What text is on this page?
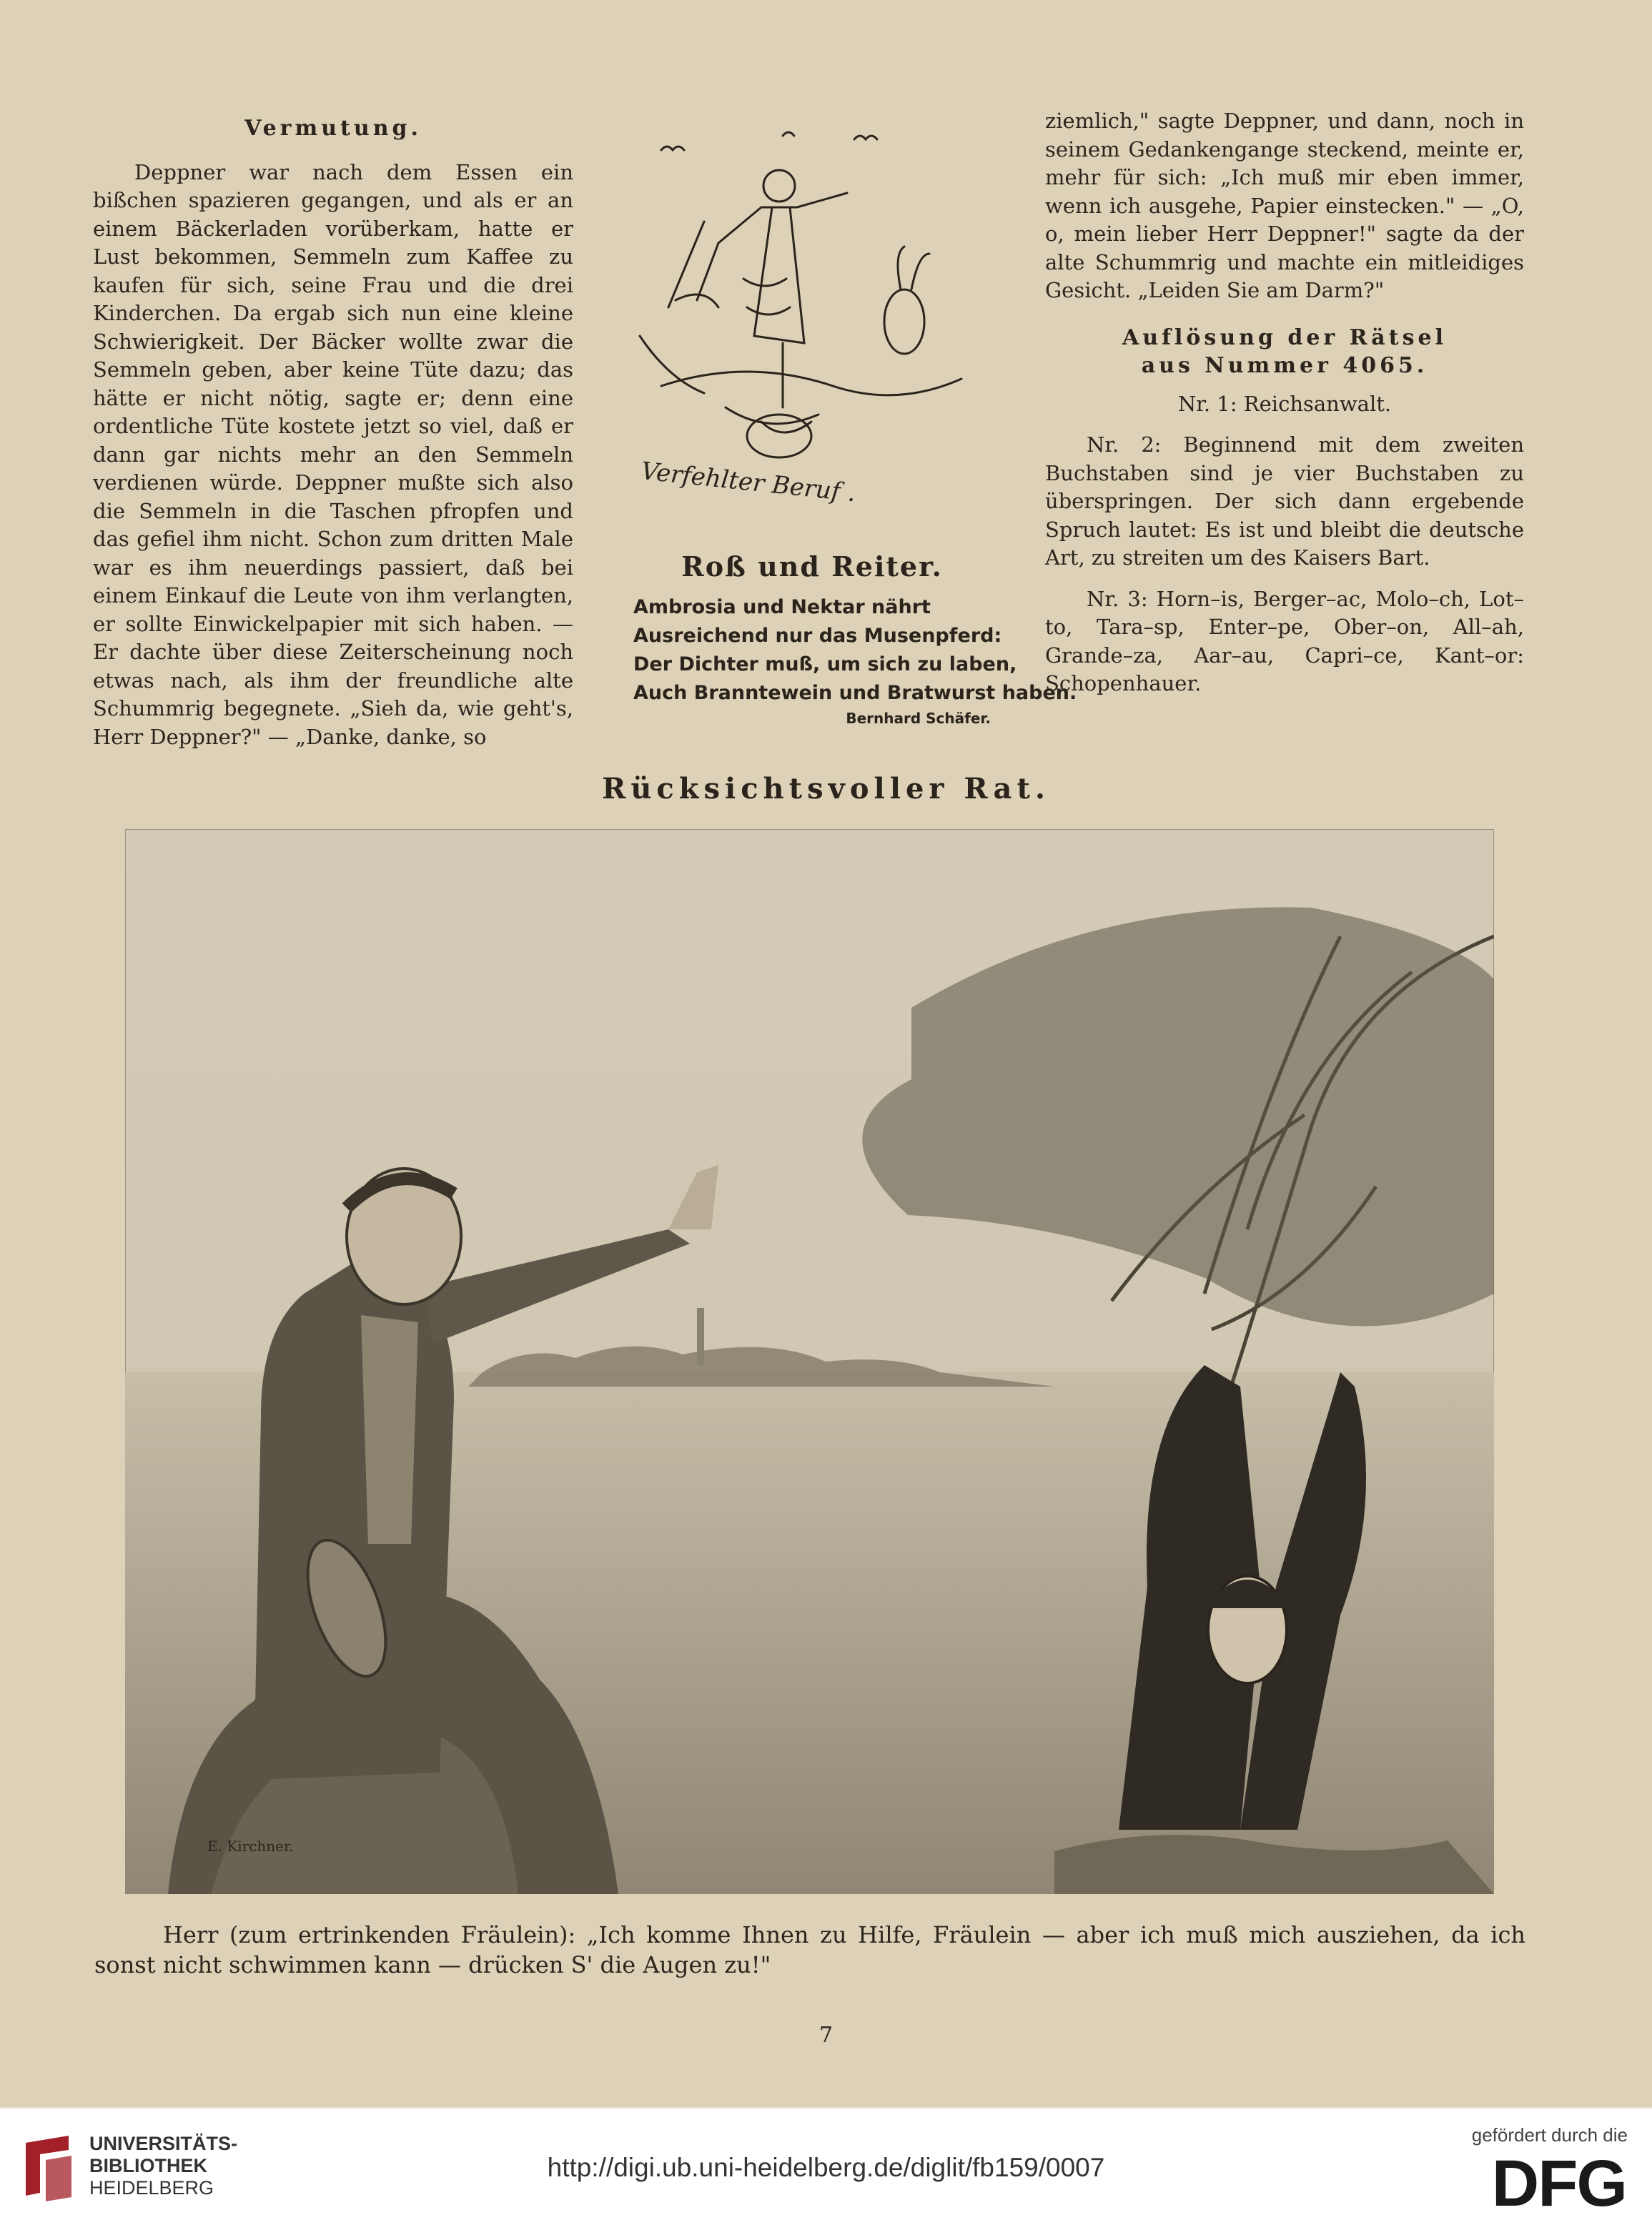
Vermutung.

Deppner war nach dem Essen ein bißchen spazieren gegangen, und als er an einem Bäckerladen vorüberkam, hatte er Lust bekommen, Semmeln zum Kaffee zu kaufen für sich, seine Frau und die drei Kinderchen. Da ergab sich nun eine kleine Schwierigkeit. Der Bäcker wollte zwar die Semmeln geben, aber keine Tüte dazu; das hätte er nicht nötig, sagte er; denn eine ordentliche Tüte kostete jetzt so viel, daß er dann gar nichts mehr an den Semmeln verdienen würde. Deppner mußte sich also die Semmeln in die Taschen pfropfen und das gefiel ihm nicht. Schon zum dritten Male war es ihm neuerdings passiert, daß bei einem Einkauf die Leute von ihm verlangten, er sollte Einwickelpapier mit sich haben. — Er dachte über diese Zeiterscheinung noch etwas nach, als ihm der freundliche alte Schummrig begegnete. „Sieh da, wie geht's, Herr Deppner?" — „Danke, danke, so

Verfehlter Beruf .
Roß und Reiter.
Ambrosia und Nektar nährt
Ausreichend nur das Musenpferd:
Der Dichter muß, um sich zu laben,
Auch Branntewein und Bratwurst haben.
Bernhard Schäfer.

ziemlich," sagte Deppner, und dann, noch in seinem Gedankengange steckend, meinte er, mehr für sich: „Ich muß mir eben immer, wenn ich ausgehe, Papier einstecken." — „O, o, mein lieber Herr Deppner!" sagte da der alte Schummrig und machte ein mitleidiges Gesicht. „Leiden Sie am Darm?"

Auflösung der Rätsel

aus Nummer 4065.

Nr. 1: Reichsanwalt.

Nr. 2: Beginnend mit dem zweiten Buchstaben sind je vier Buchstaben zu überspringen. Der sich dann ergebende Spruch lautet: Es ist und bleibt die deutsche Art, zu streiten um des Kaisers Bart.

Nr. 3: Horn–is, Berger–ac, Molo–ch, Lot–to, Tara–sp, Enter–pe, Ober–on, All–ah, Grande–za, Aar–au, Capri–ce, Kant–or: Schopenhauer.

Rücksichtsvoller Rat.
E. Kirchner.
Herr (zum ertrinkenden Fräulein): „Ich komme Ihnen zu Hilfe, Fräulein — aber ich muß mich ausziehen, da ich sonst nicht schwimmen kann — drücken S' die Augen zu!"
7
UNIVERSITÄTS-
BIBLIOTHEK
HEIDELBERG
http://digi.ub.uni-heidelberg.de/diglit/fb159/0007
gefördert durch die
DFG
